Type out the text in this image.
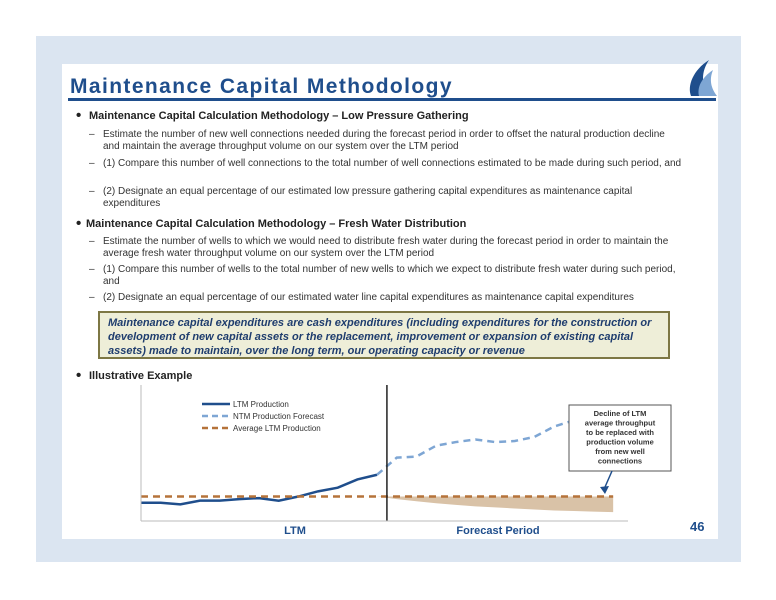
Maintenance Capital Methodology
• Maintenance Capital Calculation Methodology – Low Pressure Gathering
– Estimate the number of new well connections needed during the forecast period in order to offset the natural production decline and maintain the average throughput volume on our system over the LTM period
– (1) Compare this number of well connections to the total number of well connections estimated to be made during such period, and
– (2) Designate an equal percentage of our estimated low pressure gathering capital expenditures as maintenance capital expenditures
• Maintenance Capital Calculation Methodology – Fresh Water Distribution
– Estimate the number of wells to which we would need to distribute fresh water during the forecast period in order to maintain the average fresh water throughput volume on our system over the LTM period
– (1) Compare this number of wells to the total number of new wells to which we expect to distribute fresh water during such period, and
– (2) Designate an equal percentage of our estimated water line capital expenditures as maintenance capital expenditures
Maintenance capital expenditures are cash expenditures (including expenditures for the construction or development of new capital assets or the replacement, improvement or expansion of existing capital assets) made to maintain, over the long term, our operating capacity or revenue
• Illustrative Example
LTM Production
NTM Production Forecast
Average LTM Production
Decline of LTM average throughput to be replaced with production volume from new well connections
LTM	Forecast Period	46
